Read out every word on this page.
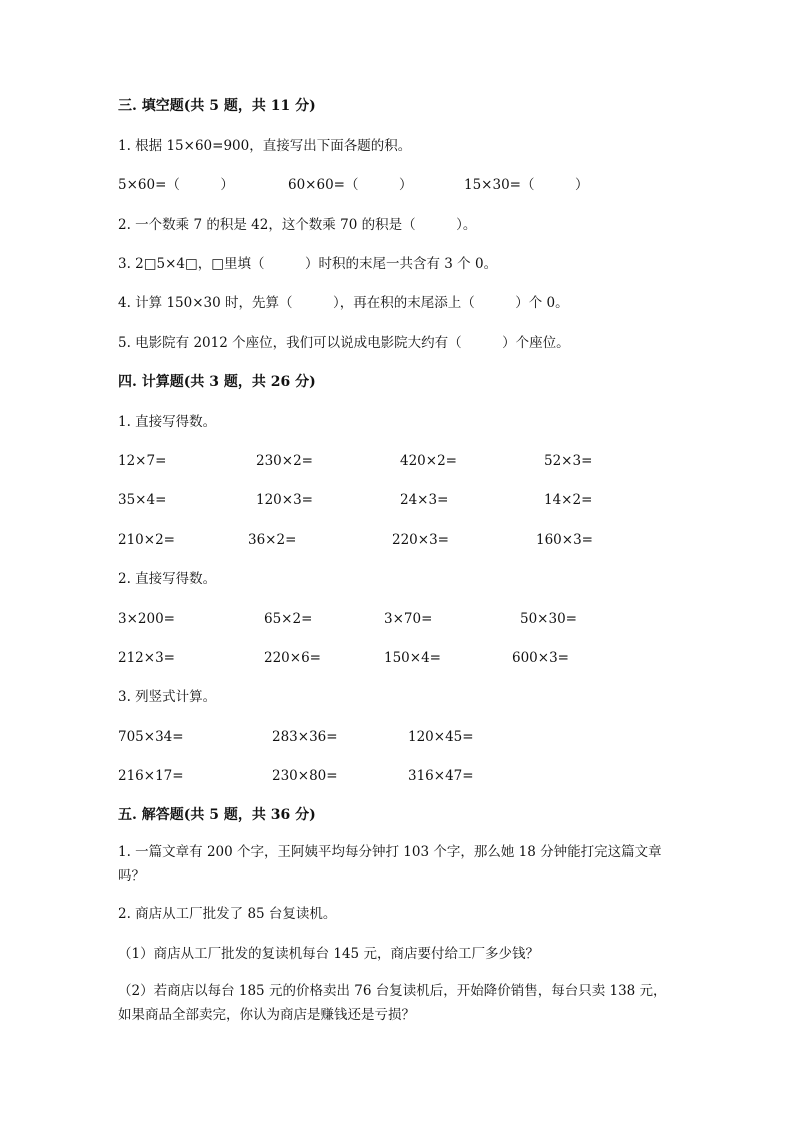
三. 填空题(共 5 题，共 11 分)

1. 根据 15×60=900，直接写出下面各题的积。

5×60=（　　　）	60×60=（　　　）	15×30=（　　　）

2. 一个数乘 7 的积是 42，这个数乘 70 的积是（　　　）。

3. 2□5×4□，□里填（　　　）时积的末尾一共含有 3 个 0。

4. 计算 150×30 时，先算（　　　），再在积的末尾添上（　　　）个 0。

5. 电影院有 2012 个座位，我们可以说成电影院大约有（　　　）个座位。

四. 计算题(共 3 题，共 26 分)

1. 直接写得数。

12×7=	230×2=	420×2=	52×3=

35×4=	120×3=	24×3=	14×2=

210×2=	36×2=	220×3=	160×3=

2. 直接写得数。

3×200=	65×2=	3×70=	50×30=

212×3=	220×6=	150×4=	600×3=

3. 列竖式计算。

705×34=	283×36=	120×45=

216×17=	230×80=	316×47=

五. 解答题(共 5 题，共 36 分)

1. 一篇文章有 200 个字，王阿姨平均每分钟打 103 个字，那么她 18 分钟能打完这篇文章吗？

2. 商店从工厂批发了 85 台复读机。

（1）商店从工厂批发的复读机每台 145 元，商店要付给工厂多少钱？

（2）若商店以每台 185 元的价格卖出 76 台复读机后，开始降价销售，每台只卖 138 元，如果商品全部卖完，你认为商店是赚钱还是亏损？
